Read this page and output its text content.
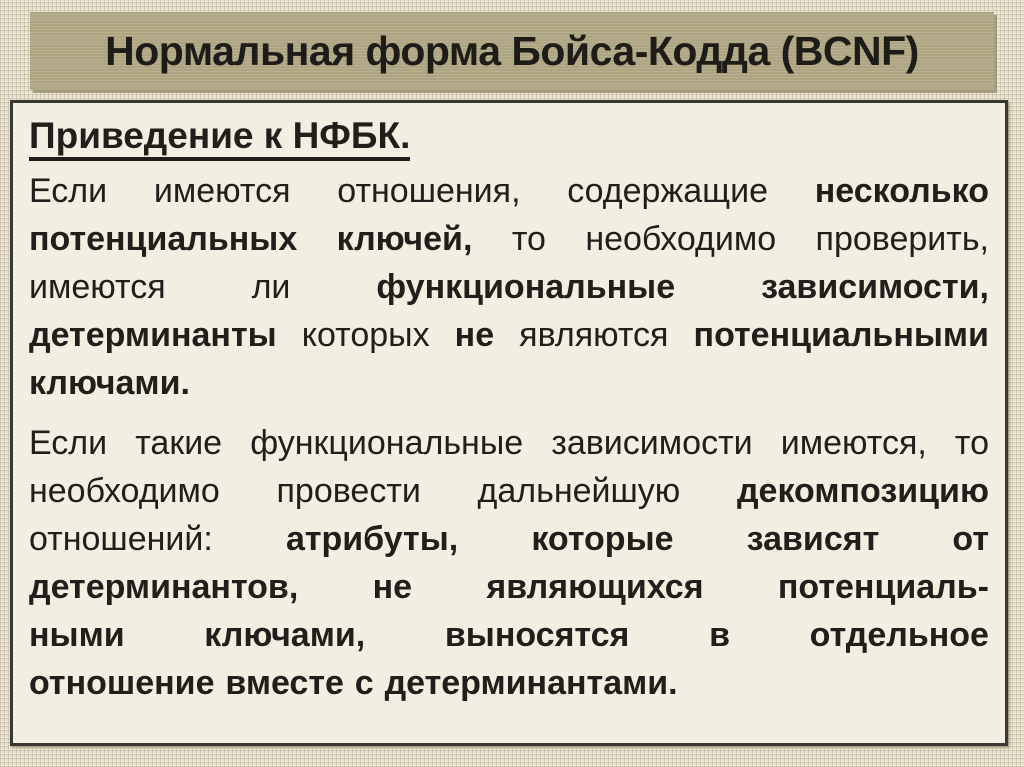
Нормальная форма Бойса-Кодда (BCNF)
Приведение к НФБК.
Если имеются отношения, содержащие несколько
потенциальных ключей, то необходимо проверить,
имеются	ли	функциональные	зависимости,
детерминанты которых не являются потенциальными
ключами.
Если такие функциональные зависимости имеются, то
необходимо провести дальнейшую декомпозицию
отношений: атрибуты, которые зависят от
детерминантов, не являющихся потенциаль-
ными ключами, выносятся в отдельное
отношение вместе с детерминантами.
